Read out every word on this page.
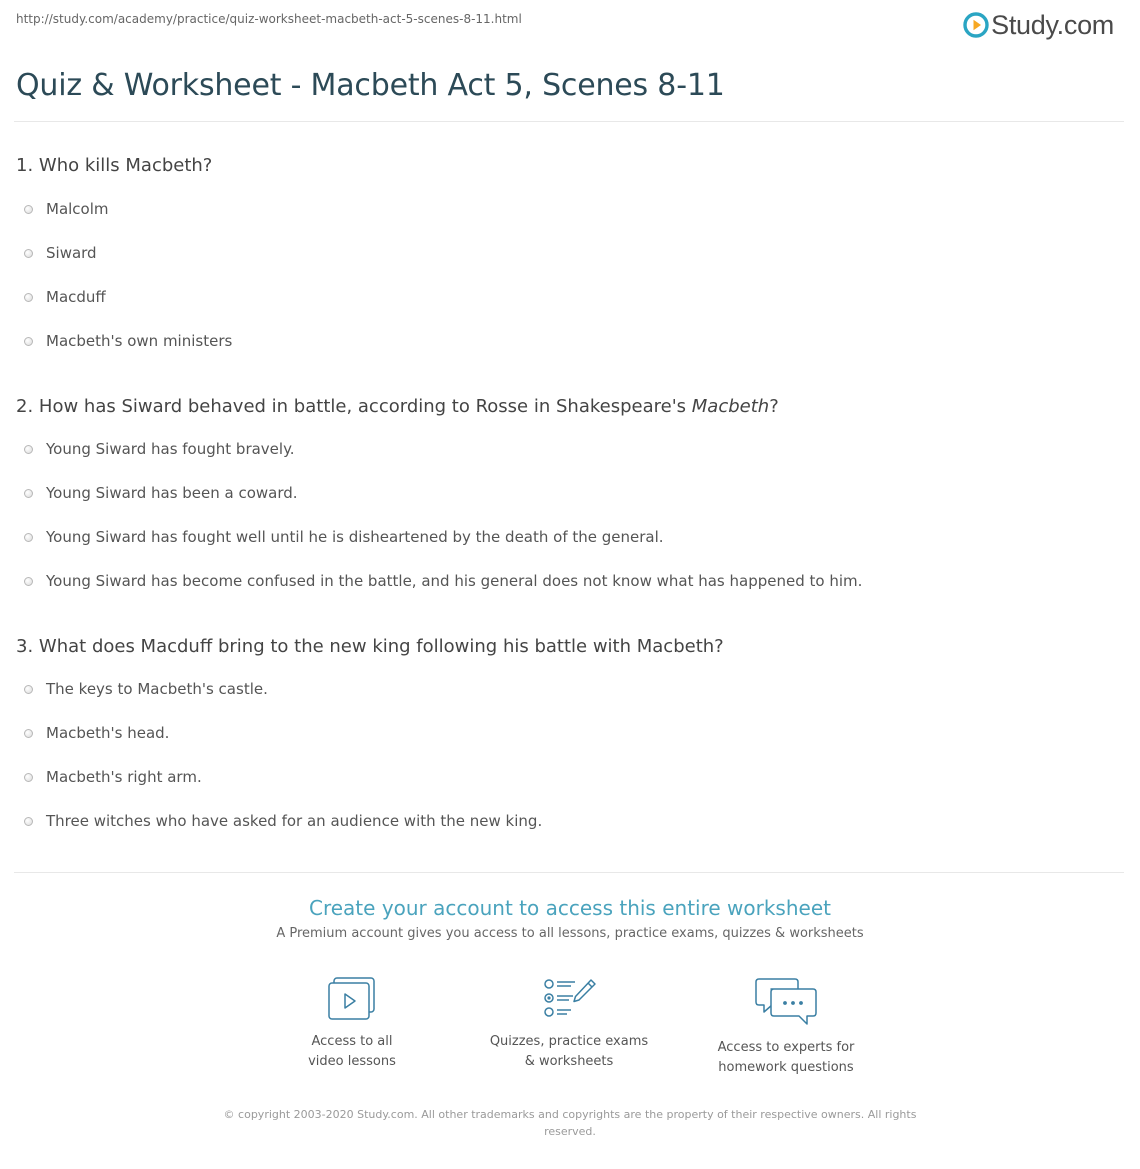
http://study.com/academy/practice/quiz-worksheet-macbeth-act-5-scenes-8-11.html	Study.com
Quiz & Worksheet - Macbeth Act 5, Scenes 8-11
1. Who kills Macbeth?
Malcolm
Siward
Macduff
Macbeth's own ministers
2. How has Siward behaved in battle, according to Rosse in Shakespeare's Macbeth?
Young Siward has fought bravely.
Young Siward has been a coward.
Young Siward has fought well until he is disheartened by the death of the general.
Young Siward has become confused in the battle, and his general does not know what has happened to him.
3. What does Macduff bring to the new king following his battle with Macbeth?
The keys to Macbeth's castle.
Macbeth's head.
Macbeth's right arm.
Three witches who have asked for an audience with the new king.
Create your account to access this entire worksheet
A Premium account gives you access to all lessons, practice exams, quizzes & worksheets
Access to all
video lessons
Quizzes, practice exams
& worksheets
Access to experts for
homework questions
© copyright 2003-2020 Study.com. All other trademarks and copyrights are the property of their respective owners. All rights reserved.
